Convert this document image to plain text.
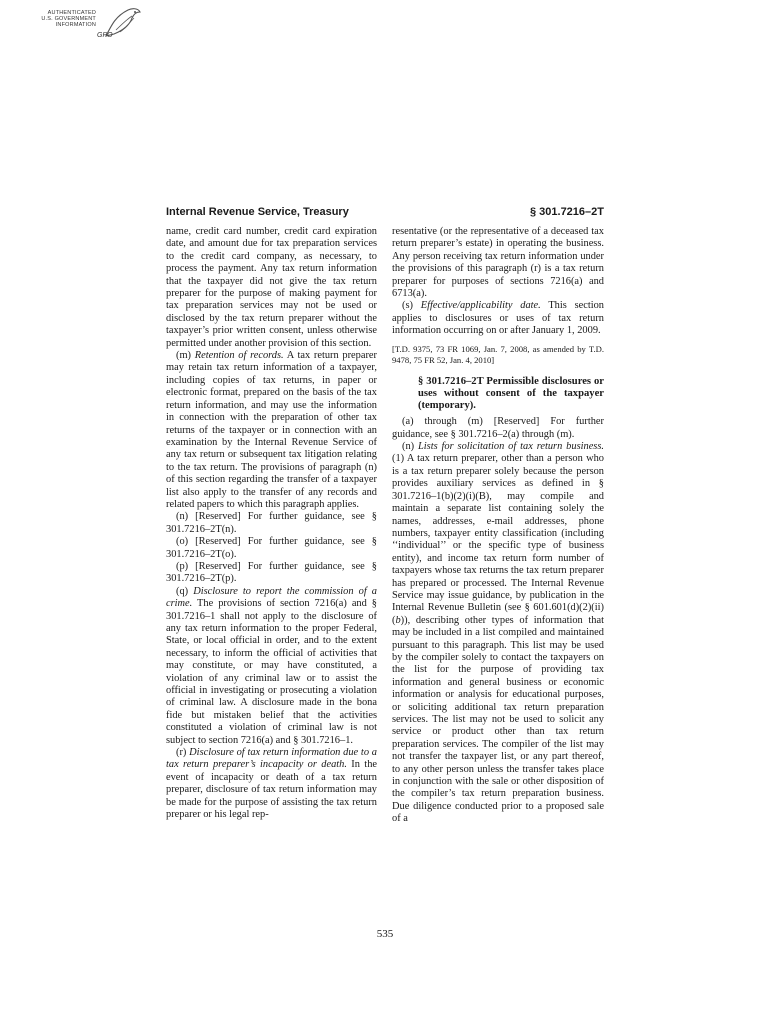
AUTHENTICATED
U.S. GOVERNMENT
INFORMATION
GPO
Internal Revenue Service, Treasury	§ 301.7216–2T

name, credit card number, credit card expiration date, and amount due for tax preparation services to the credit card company, as necessary, to process the payment. Any tax return information that the taxpayer did not give the tax return preparer for the purpose of making payment for tax preparation services may not be used or disclosed by the tax return preparer without the taxpayer’s prior written consent, unless otherwise permitted under another provision of this section.

(m) Retention of records. A tax return preparer may retain tax return information of a taxpayer, including copies of tax returns, in paper or electronic format, prepared on the basis of the tax return information, and may use the information in connection with the preparation of other tax returns of the taxpayer or in connection with an examination by the Internal Revenue Service of any tax return or subsequent tax litigation relating to the tax return. The provisions of paragraph (n) of this section regarding the transfer of a taxpayer list also apply to the transfer of any records and related papers to which this paragraph applies.

(n) [Reserved] For further guidance, see § 301.7216–2T(n).

(o) [Reserved] For further guidance, see § 301.7216–2T(o).

(p) [Reserved] For further guidance, see § 301.7216–2T(p).

(q) Disclosure to report the commission of a crime. The provisions of section 7216(a) and § 301.7216–1 shall not apply to the disclosure of any tax return information to the proper Federal, State, or local official in order, and to the extent necessary, to inform the official of activities that may constitute, or may have constituted, a violation of any criminal law or to assist the official in investigating or prosecuting a violation of criminal law. A disclosure made in the bona fide but mistaken belief that the activities constituted a violation of criminal law is not subject to section 7216(a) and § 301.7216–1.

(r) Disclosure of tax return information due to a tax return preparer’s incapacity or death. In the event of incapacity or death of a tax return preparer, disclosure of tax return information may be made for the purpose of assisting the tax return preparer or his legal rep-

resentative (or the representative of a deceased tax return preparer’s estate) in operating the business. Any person receiving tax return information under the provisions of this paragraph (r) is a tax return preparer for purposes of sections 7216(a) and 6713(a).

(s) Effective/applicability date. This section applies to disclosures or uses of tax return information occurring on or after January 1, 2009.

[T.D. 9375, 73 FR 1069, Jan. 7, 2008, as amended by T.D. 9478, 75 FR 52, Jan. 4, 2010]

§ 301.7216–2T Permissible disclosures or uses without consent of the taxpayer (temporary).

(a) through (m) [Reserved] For further guidance, see § 301.7216–2(a) through (m).

(n) Lists for solicitation of tax return business. (1) A tax return preparer, other than a person who is a tax return preparer solely because the person provides auxiliary services as defined in § 301.7216–1(b)(2)(i)(B), may compile and maintain a separate list containing solely the names, addresses, e-mail addresses, phone numbers, taxpayer entity classification (including ‘‘individual’’ or the specific type of business entity), and income tax return form number of taxpayers whose tax returns the tax return preparer has prepared or processed. The Internal Revenue Service may issue guidance, by publication in the Internal Revenue Bulletin (see § 601.601(d)(2)(ii)(b)), describing other types of information that may be included in a list compiled and maintained pursuant to this paragraph. This list may be used by the compiler solely to contact the taxpayers on the list for the purpose of providing tax information and general business or economic information or analysis for educational purposes, or soliciting additional tax return preparation services. The list may not be used to solicit any service or product other than tax return preparation services. The compiler of the list may not transfer the taxpayer list, or any part thereof, to any other person unless the transfer takes place in conjunction with the sale or other disposition of the compiler’s tax return preparation business. Due diligence conducted prior to a proposed sale of a

535
